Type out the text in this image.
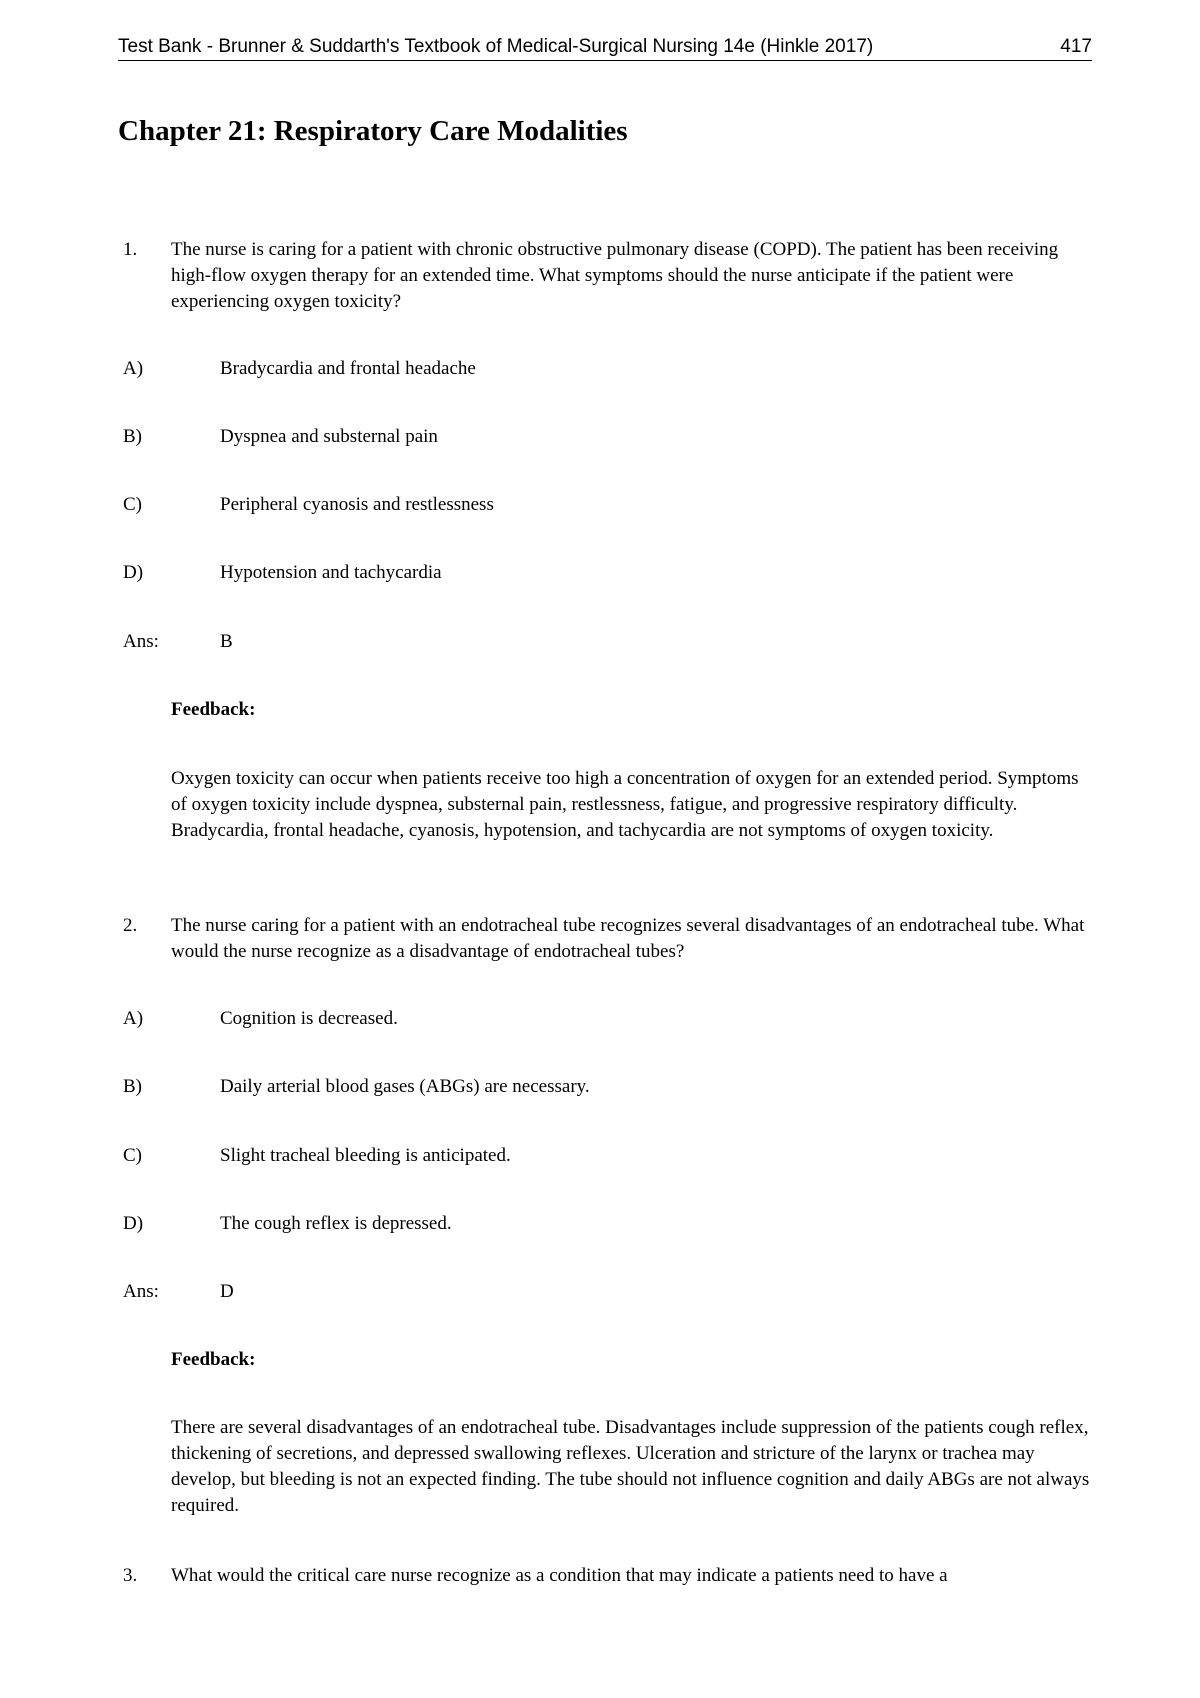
Test Bank - Brunner & Suddarth's Textbook of Medical-Surgical Nursing 14e (Hinkle 2017)	417
Chapter 21: Respiratory Care Modalities
1.	The nurse is caring for a patient with chronic obstructive pulmonary disease (COPD). The patient has been receiving high-flow oxygen therapy for an extended time. What symptoms should the nurse anticipate if the patient were experiencing oxygen toxicity?
A)	Bradycardia and frontal headache
B)	Dyspnea and substernal pain
C)	Peripheral cyanosis and restlessness
D)	Hypotension and tachycardia
Ans:	B
Feedback:
Oxygen toxicity can occur when patients receive too high a concentration of oxygen for an extended period. Symptoms of oxygen toxicity include dyspnea, substernal pain, restlessness, fatigue, and progressive respiratory difficulty. Bradycardia, frontal headache, cyanosis, hypotension, and tachycardia are not symptoms of oxygen toxicity.
2.	The nurse caring for a patient with an endotracheal tube recognizes several disadvantages of an endotracheal tube. What would the nurse recognize as a disadvantage of endotracheal tubes?
A)	Cognition is decreased.
B)	Daily arterial blood gases (ABGs) are necessary.
C)	Slight tracheal bleeding is anticipated.
D)	The cough reflex is depressed.
Ans:	D
Feedback:
There are several disadvantages of an endotracheal tube. Disadvantages include suppression of the patients cough reflex, thickening of secretions, and depressed swallowing reflexes. Ulceration and stricture of the larynx or trachea may develop, but bleeding is not an expected finding. The tube should not influence cognition and daily ABGs are not always required.
3.	What would the critical care nurse recognize as a condition that may indicate a patients need to have a
